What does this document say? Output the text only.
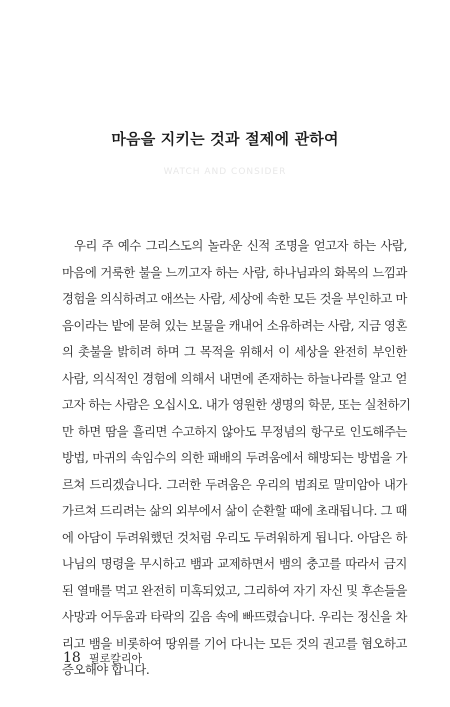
마음을 지키는 것과 절제에 관하여
WATCH AND CONSIDER
우리 주 예수 그리스도의 놀라운 신적 조명을 얻고자 하는 사람,
마음에 거룩한 불을 느끼고자 하는 사람, 하나님과의 화목의 느낌과
경험을 의식하려고 애쓰는 사람, 세상에 속한 모든 것을 부인하고 마
음이라는 밭에 묻혀 있는 보물을 캐내어 소유하려는 사람, 지금 영혼
의 촛불을 밝히려 하며 그 목적을 위해서 이 세상을 완전히 부인한
사람, 의식적인 경험에 의해서 내면에 존재하는 하늘나라를 알고 얻
고자 하는 사람은 오십시오. 내가 영원한 생명의 학문, 또는 실천하기
만 하면 땀을 흘리면 수고하지 않아도 무정념의 항구로 인도해주는
방법, 마귀의 속임수의 의한 패배의 두려움에서 해방되는 방법을 가
르쳐 드리겠습니다. 그러한 두려움은 우리의 범죄로 말미암아 내가
가르쳐 드리려는 삶의 외부에서 삶이 순환할 때에 초래됩니다. 그 때
에 아담이 두려워했던 것처럼 우리도 두려워하게 됩니다. 아담은 하
나님의 명령을 무시하고 뱀과 교제하면서 뱀의 충고를 따라서 금지
된 열매를 먹고 완전히 미혹되었고, 그리하여 자기 자신 및 후손들을
사망과 어두움과 타락의 깊음 속에 빠뜨렸습니다. 우리는 정신을 차
리고 뱀을 비롯하여 땅위를 기어 다니는 모든 것의 권고를 혐오하고
증오해야 합니다.
18 필로칼리아
